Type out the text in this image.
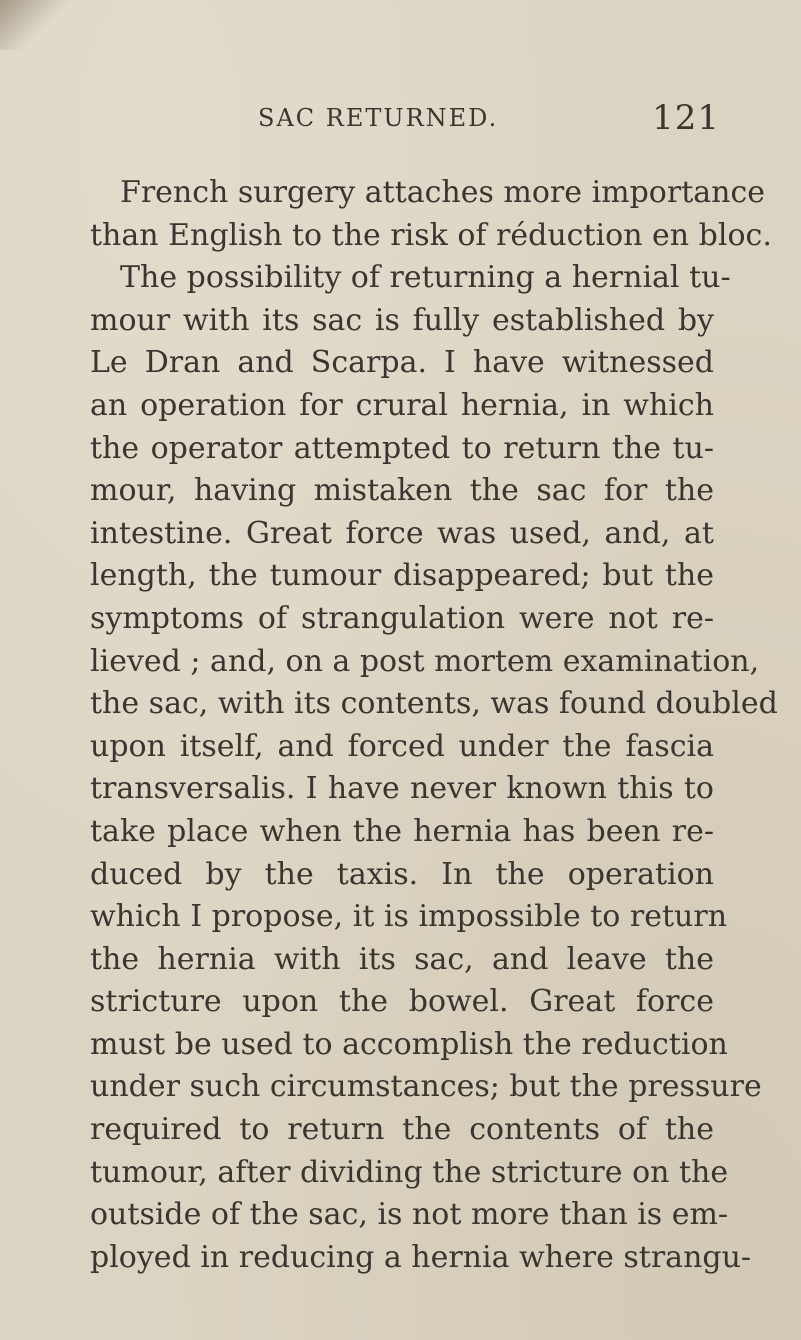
SAC RETURNED.	121
French surgery attaches more importance
than English to the risk of réduction en bloc.
The possibility of returning a hernial tu-
mour with its sac is fully established by
Le Dran and Scarpa. I have witnessed
an operation for crural hernia, in which
the operator attempted to return the tu-
mour, having mistaken the sac for the
intestine. Great force was used, and, at
length, the tumour disappeared; but the
symptoms of strangulation were not re-
lieved ; and, on a post mortem examination,
the sac, with its contents, was found doubled
upon itself, and forced under the fascia
transversalis. I have never known this to
take place when the hernia has been re-
duced by the taxis. In the operation
which I propose, it is impossible to return
the hernia with its sac, and leave the
stricture upon the bowel. Great force
must be used to accomplish the reduction
under such circumstances; but the pressure
required to return the contents of the
tumour, after dividing the stricture on the
outside of the sac, is not more than is em-
ployed in reducing a hernia where strangu-
